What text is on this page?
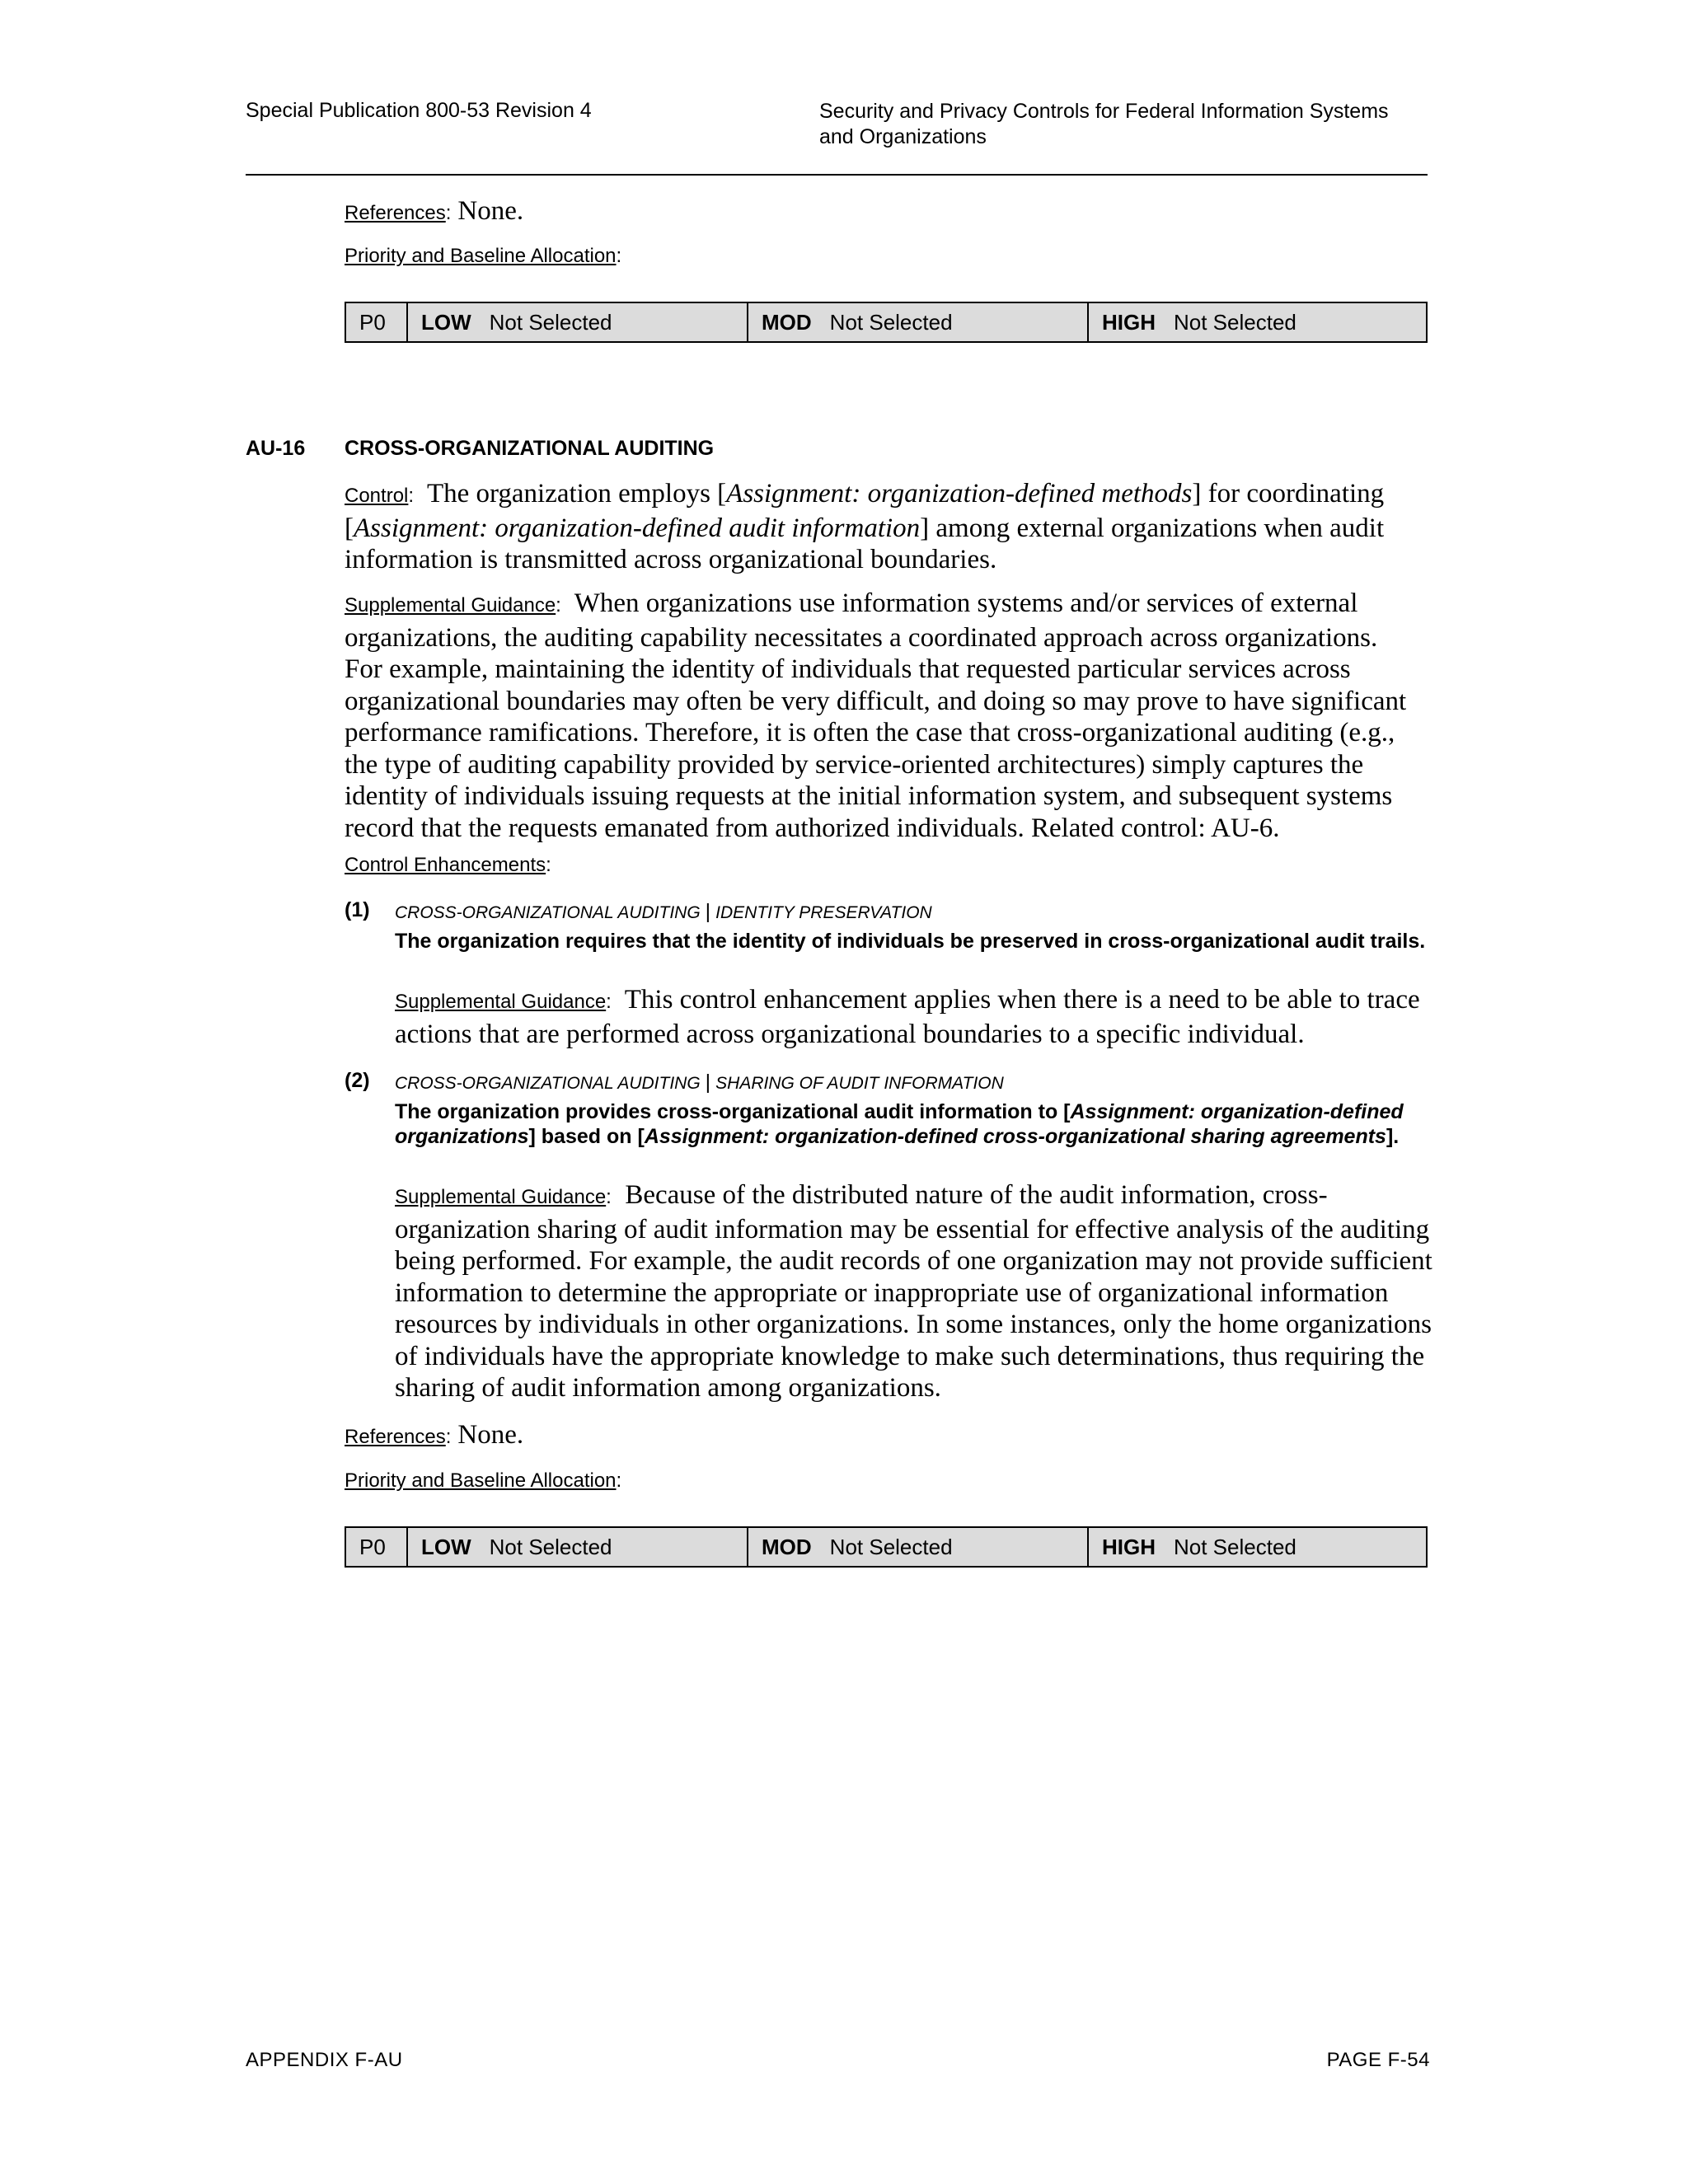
Special Publication 800-53 Revision 4	Security and Privacy Controls for Federal Information Systems
and Organizations
References: None.
Priority and Baseline Allocation:
P0 LOW Not Selected	MOD Not Selected	HIGH Not Selected
AU-16 CROSS-ORGANIZATIONAL AUDITING
Control: The organization employs [Assignment: organization-defined methods] for coordinating
[Assignment: organization-defined audit information] among external organizations when audit
information is transmitted across organizational boundaries.
Supplemental Guidance: When organizations use information systems and/or services of external organizations, the auditing capability necessitates a coordinated approach across organizations. For example, maintaining the identity of individuals that requested particular services across organizational boundaries may often be very difficult, and doing so may prove to have significant performance ramifications. Therefore, it is often the case that cross-organizational auditing (e.g., the type of auditing capability provided by service-oriented architectures) simply captures the identity of individuals issuing requests at the initial information system, and subsequent systems record that the requests emanated from authorized individuals. Related control: AU-6.
Control Enhancements:
(1) CROSS-ORGANIZATIONAL AUDITING | IDENTITY PRESERVATION
The organization requires that the identity of individuals be preserved in cross-organizational audit trails.
Supplemental Guidance: This control enhancement applies when there is a need to be able to trace actions that are performed across organizational boundaries to a specific individual.
(2) CROSS-ORGANIZATIONAL AUDITING | SHARING OF AUDIT INFORMATION
The organization provides cross-organizational audit information to [Assignment: organization-defined organizations] based on [Assignment: organization-defined cross-organizational sharing agreements].
Supplemental Guidance: Because of the distributed nature of the audit information, cross-organization sharing of audit information may be essential for effective analysis of the auditing being performed. For example, the audit records of one organization may not provide sufficient information to determine the appropriate or inappropriate use of organizational information resources by individuals in other organizations. In some instances, only the home organizations of individuals have the appropriate knowledge to make such determinations, thus requiring the sharing of audit information among organizations.
References: None.
Priority and Baseline Allocation:
P0 LOW Not Selected	MOD Not Selected	HIGH Not Selected
APPENDIX F-AU	PAGE F-54
